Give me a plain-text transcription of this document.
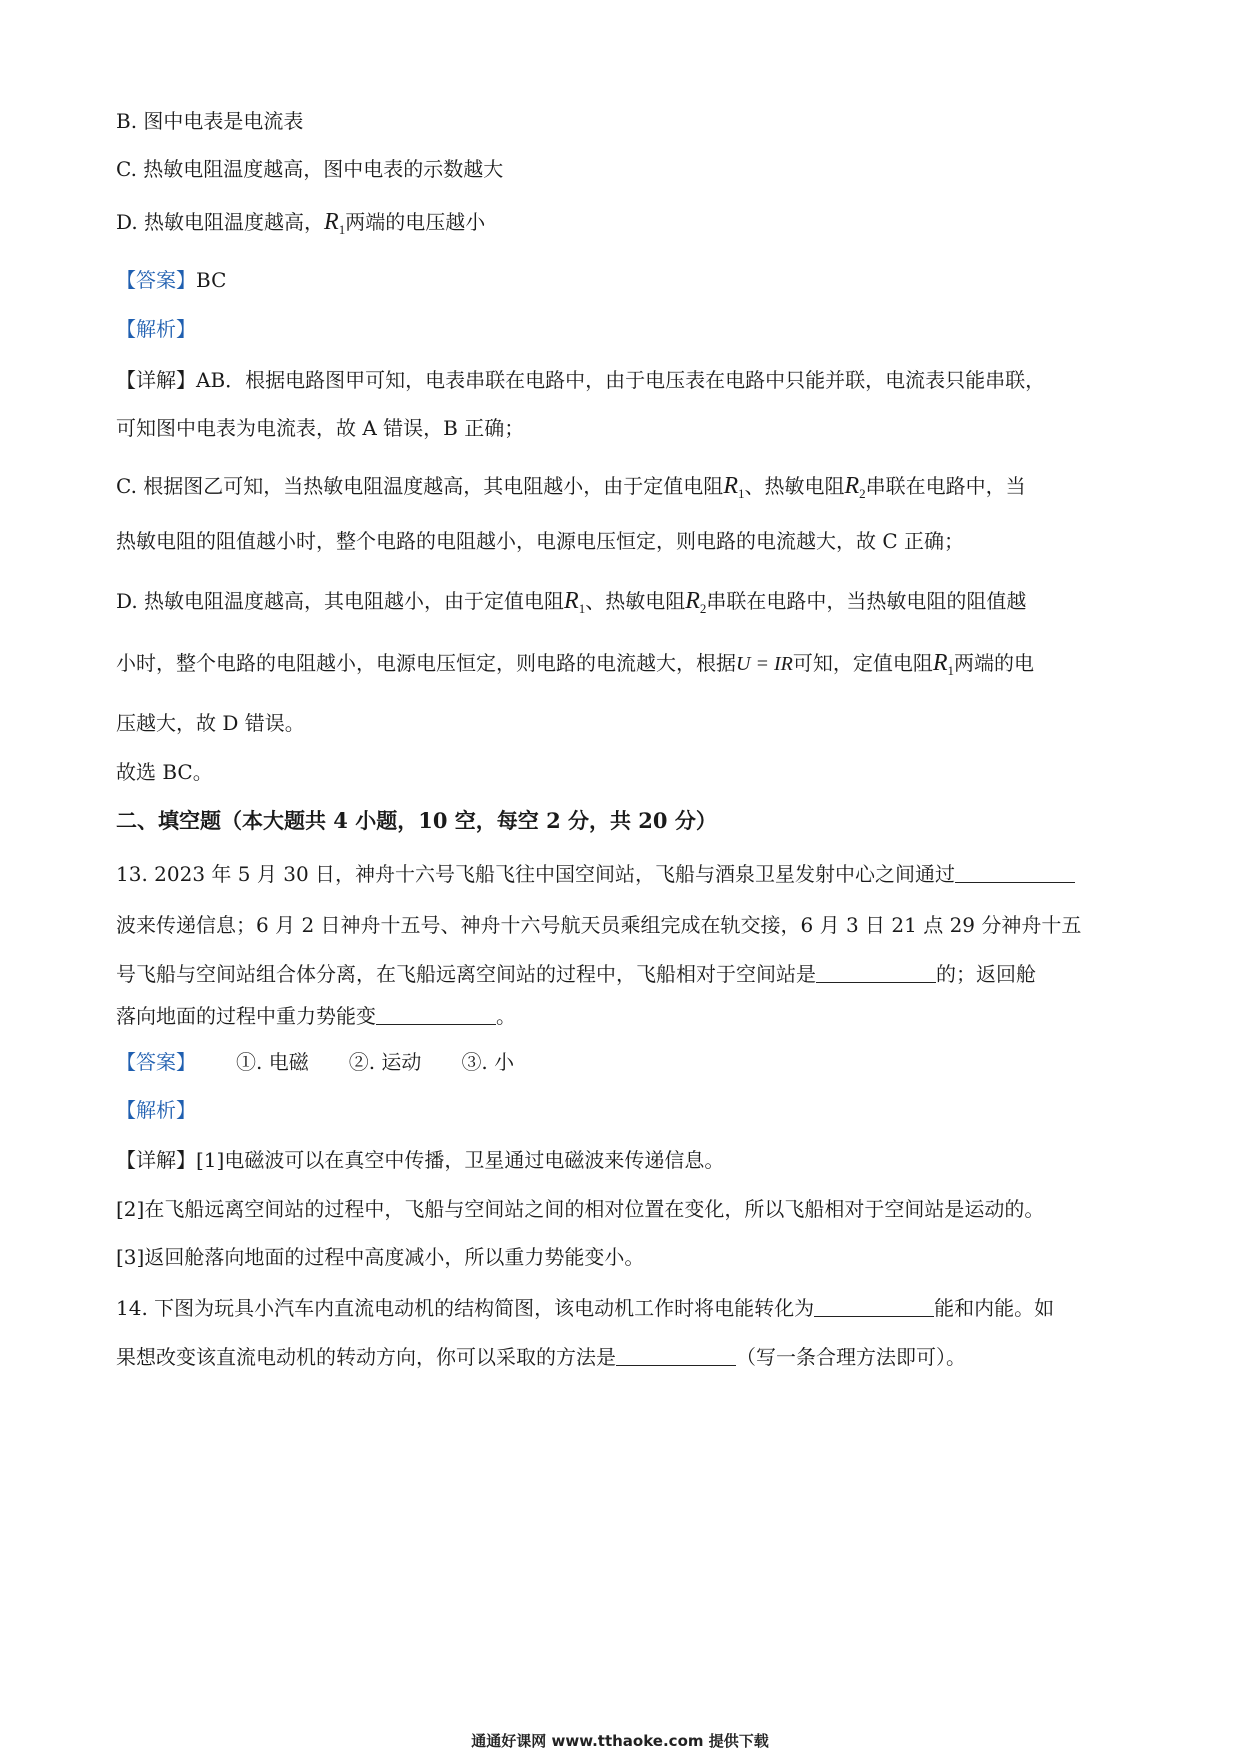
B. 图中电表是电流表
C. 热敏电阻温度越高，图中电表的示数越大
D. 热敏电阻温度越高，$R_1$两端的电压越小
【答案】BC
【解析】
【详解】AB．根据电路图甲可知，电表串联在电路中，由于电压表在电路中只能并联，电流表只能串联，
可知图中电表为电流表，故 A 错误，B 正确；
C. 根据图乙可知，当热敏电阻温度越高，其电阻越小，由于定值电阻$R_1$、热敏电阻$R_2$串联在电路中，当
热敏电阻的阻值越小时，整个电路的电阻越小，电源电压恒定，则电路的电流越大，故 C 正确；
D. 热敏电阻温度越高，其电阻越小，由于定值电阻$R_1$、热敏电阻$R_2$串联在电路中，当热敏电阻的阻值越
小时，整个电路的电阻越小，电源电压恒定，则电路的电流越大，根据U = IR可知，定值电阻$R_1$两端的电
压越大，故 D 错误。
故选 BC。
二、填空题（本大题共 4 小题，10 空，每空 2 分，共 20 分）
13. 2023 年 5 月 30 日，神舟十六号飞船飞往中国空间站，飞船与酒泉卫星发射中心之间通过
波来传递信息；6 月 2 日神舟十五号、神舟十六号航天员乘组完成在轨交接，6 月 3 日 21 点 29 分神舟十五
号飞船与空间站组合体分离，在飞船远离空间站的过程中，飞船相对于空间站是	的；返回舱
落向地面的过程中重力势能变	。
【答案】 ①. 电磁 ②. 运动 ③. 小
【解析】
【详解】[1]电磁波可以在真空中传播，卫星通过电磁波来传递信息。
[2]在飞船远离空间站的过程中，飞船与空间站之间的相对位置在变化，所以飞船相对于空间站是运动的。
[3]返回舱落向地面的过程中高度减小，所以重力势能变小。
14. 下图为玩具小汽车内直流电动机的结构简图，该电动机工作时将电能转化为	能和内能。如
果想改变该直流电动机的转动方向，你可以采取的方法是	（写一条合理方法即可）。
通通好课网 www.tthaoke.com 提供下载
